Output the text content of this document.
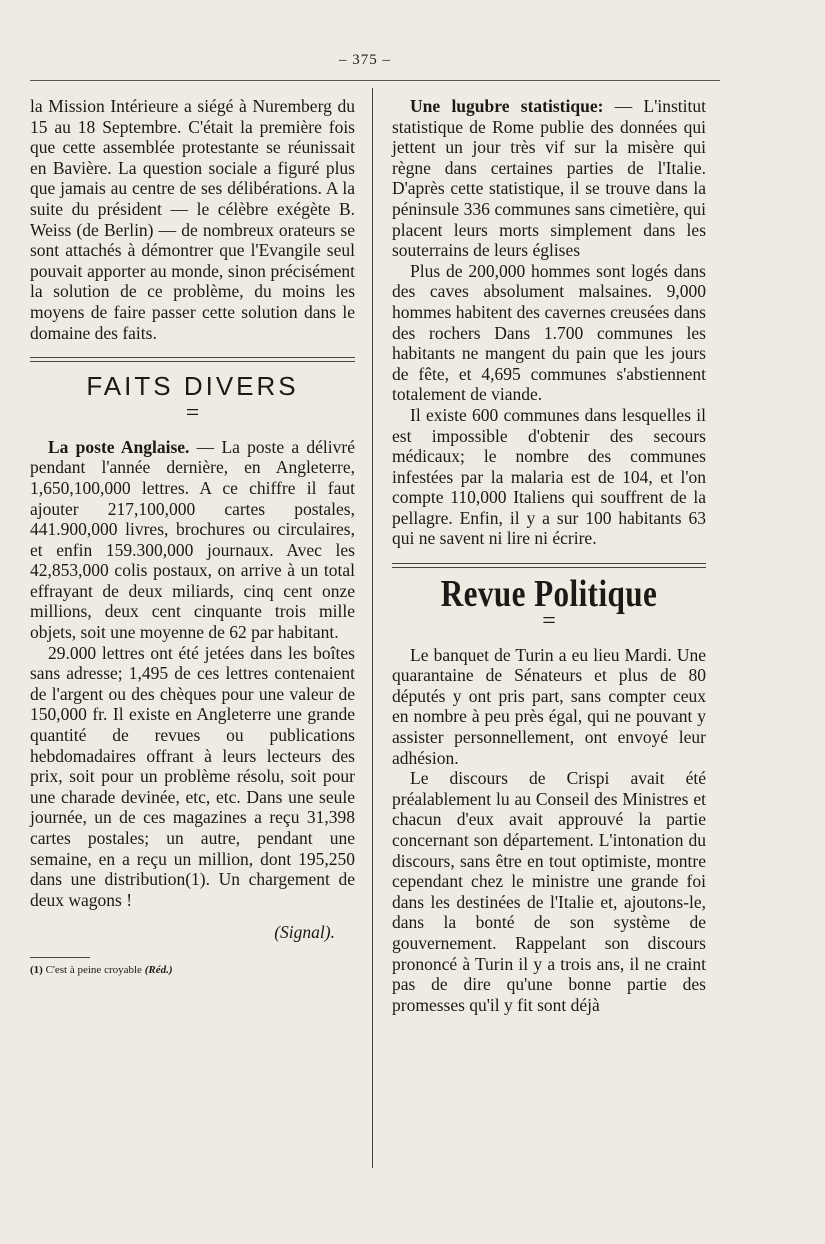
– 375 –

la Mission Intérieure a siégé à Nuremberg du 15 au 18 Septembre. C'était la première fois que cette assemblée protestante se réunissait en Bavière. La question sociale a figuré plus que jamais au centre de ses délibérations. A la suite du président — le célèbre exégète B. Weiss (de Berlin) — de nombreux orateurs se sont attachés à démontrer que l'Evangile seul pouvait apporter au monde, sinon précisément la solution de ce problème, du moins les moyens de faire passer cette solution dans le domaine des faits.

FAITS DIVERS
=

La poste Anglaise. — La poste a délivré pendant l'année dernière, en Angleterre, 1,650,100,000 lettres. A ce chiffre il faut ajouter 217,100,000 cartes postales, 441.900,000 livres, brochures ou circulaires, et enfin 159.300,000 journaux. Avec les 42,853,000 colis postaux, on arrive à un total effrayant de deux miliards, cinq cent onze millions, deux cent cinquante trois mille objets, soit une moyenne de 62 par habitant.

29.000 lettres ont été jetées dans les boîtes sans adresse; 1,495 de ces lettres contenaient de l'argent ou des chèques pour une valeur de 150,000 fr. Il existe en Angleterre une grande quantité de revues ou publications hebdomadaires offrant à leurs lecteurs des prix, soit pour un problème résolu, soit pour une charade devinée, etc, etc. Dans une seule journée, un de ces magazines a reçu 31,398 cartes postales; un autre, pendant une semaine, en a reçu un million, dont 195,250 dans une distribution(1). Un chargement de deux wagons !

(Signal).
(1) C'est à peine croyable (Réd.)

Une lugubre statistique: — L'institut statistique de Rome publie des données qui jettent un jour très vif sur la misère qui règne dans certaines parties de l'Italie. D'après cette statistique, il se trouve dans la péninsule 336 communes sans cimetière, qui placent leurs morts simplement dans les souterrains de leurs églises

Plus de 200,000 hommes sont logés dans des caves absolument malsaines. 9,000 hommes habitent des cavernes creusées dans des rochers Dans 1.700 communes les habitants ne mangent du pain que les jours de fête, et 4,695 communes s'abstiennent totalement de viande.

Il existe 600 communes dans lesquelles il est impossible d'obtenir des secours médicaux; le nombre des communes infestées par la malaria est de 104, et l'on compte 110,000 Italiens qui souffrent de la pellagre. Enfin, il y a sur 100 habitants 63 qui ne savent ni lire ni écrire.

Revue Politique
=

Le banquet de Turin a eu lieu Mardi. Une quarantaine de Sénateurs et plus de 80 députés y ont pris part, sans compter ceux en nombre à peu près égal, qui ne pouvant y assister personnellement, ont envoyé leur adhésion.

Le discours de Crispi avait été préalablement lu au Conseil des Ministres et chacun d'eux avait approuvé la partie concernant son département. L'intonation du discours, sans être en tout optimiste, montre cependant chez le ministre une grande foi dans les destinées de l'Italie et, ajoutons-le, dans la bonté de son système de gouvernement. Rappelant son discours prononcé à Turin il y a trois ans, il ne craint pas de dire qu'une bonne partie des promesses qu'il y fit sont déjà
